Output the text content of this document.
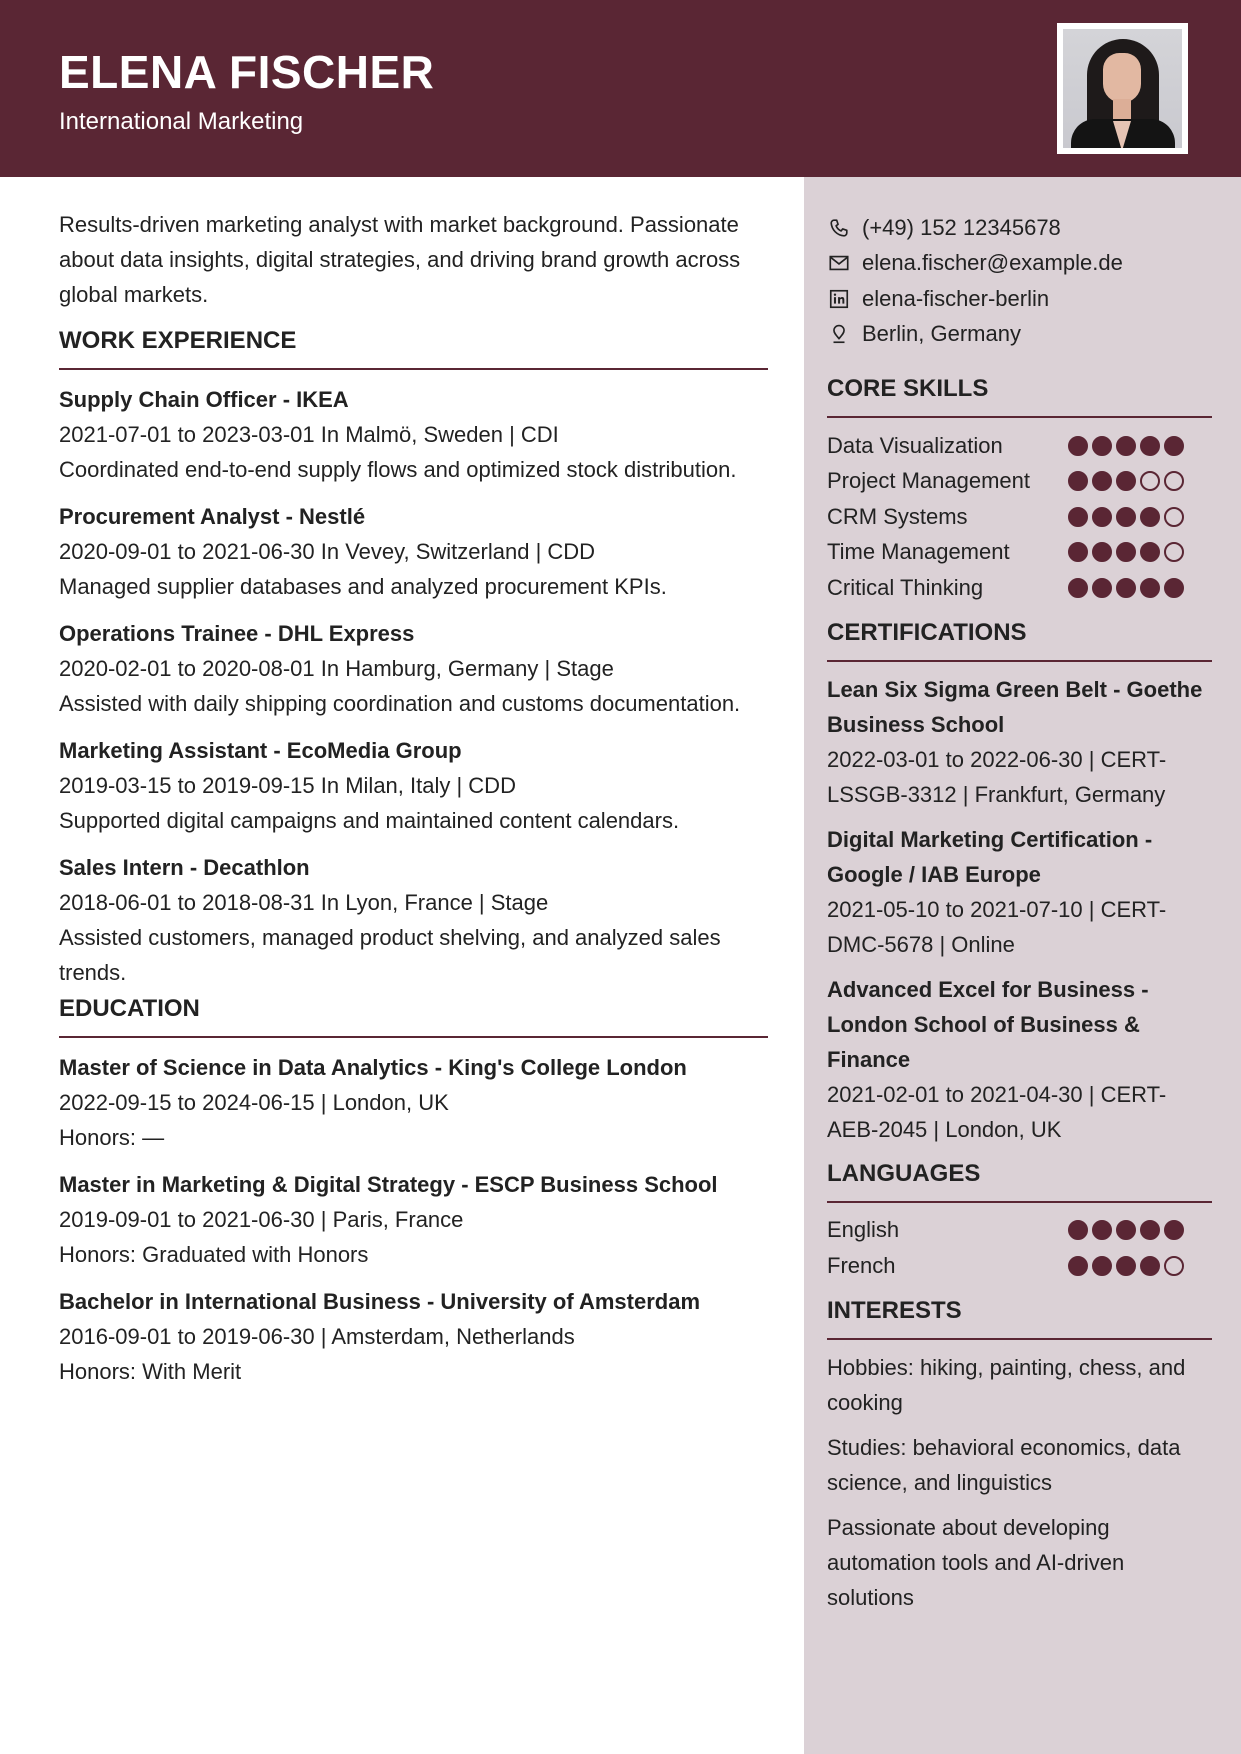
ELENA FISCHER
International Marketing

Results-driven marketing analyst with market background. Passionate about data insights, digital strategies, and driving brand growth across global markets.

WORK EXPERIENCE
Supply Chain Officer - IKEA
2021-07-01 to 2023-03-01 In Malmö, Sweden | CDI
Coordinated end-to-end supply flows and optimized stock distribution.
Procurement Analyst - Nestlé
2020-09-01 to 2021-06-30 In Vevey, Switzerland | CDD
Managed supplier databases and analyzed procurement KPIs.
Operations Trainee - DHL Express
2020-02-01 to 2020-08-01 In Hamburg, Germany | Stage
Assisted with daily shipping coordination and customs documentation.
Marketing Assistant - EcoMedia Group
2019-03-15 to 2019-09-15 In Milan, Italy | CDD
Supported digital campaigns and maintained content calendars.
Sales Intern - Decathlon
2018-06-01 to 2018-08-31 In Lyon, France | Stage
Assisted customers, managed product shelving, and analyzed sales trends.
EDUCATION
Master of Science in Data Analytics - King's College London
2022-09-15 to 2024-06-15 | London, UK
Honors: —
Master in Marketing & Digital Strategy - ESCP Business School
2019-09-01 to 2021-06-30 | Paris, France
Honors: Graduated with Honors
Bachelor in International Business - University of Amsterdam
2016-09-01 to 2019-06-30 | Amsterdam, Netherlands
Honors: With Merit
(+49) 152 12345678
elena.fischer@example.de
elena-fischer-berlin
Berlin, Germany
CORE SKILLS
Data Visualization
Project Management
CRM Systems
Time Management
Critical Thinking
CERTIFICATIONS
Lean Six Sigma Green Belt - Goethe Business School
2022-03-01 to 2022-06-30 | CERT-LSSGB-3312 | Frankfurt, Germany
Digital Marketing Certification - Google / IAB Europe
2021-05-10 to 2021-07-10 | CERT-DMC-5678 | Online
Advanced Excel for Business - London School of Business & Finance
2021-02-01 to 2021-04-30 | CERT-AEB-2045 | London, UK
LANGUAGES
English
French
INTERESTS
Hobbies: hiking, painting, chess, and cooking
Studies: behavioral economics, data science, and linguistics
Passionate about developing automation tools and AI-driven solutions
